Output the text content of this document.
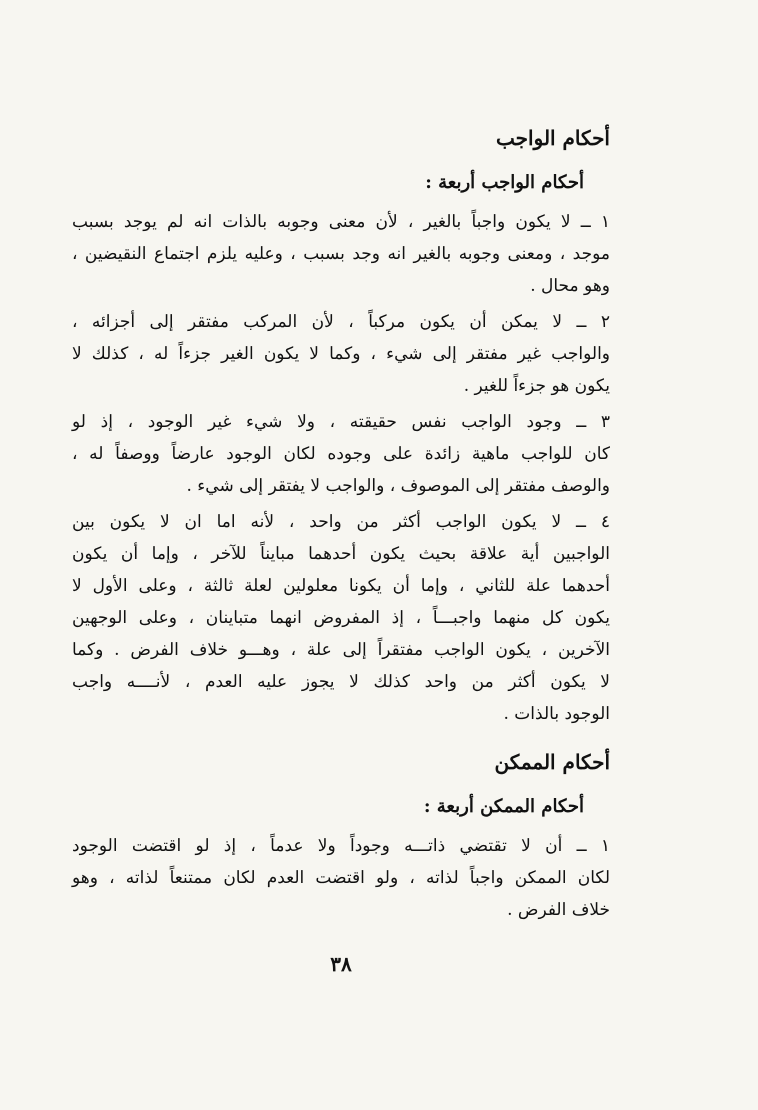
أحكام الواجب
أحكام الواجب أربعة :
١ ــ لا يكون واجباً بالغير ، لأن معنى وجوبه بالذات انه لم يوجد بسبب
موجد ، ومعنى وجوبه بالغير انه وجد بسبب ، وعليه يلزم اجتماع النقيضين ،
وهو محال .
٢ ــ لا يمكن أن يكون مركباً ، لأن المركب مفتقر إلى أجزائه ،
والواجب غير مفتقر إلى شيء ، وكما لا يكون الغير جزءاً له ، كذلك لا
يكون هو جزءاً للغير .
٣ ــ وجود الواجب نفس حقيقته ، ولا شيء غير الوجود ، إذ لو
كان للواجب ماهية زائدة على وجوده لكان الوجود عارضاً ووصفاً له ،
والوصف مفتقر إلى الموصوف ، والواجب لا يفتقر إلى شيء .
٤ ــ لا يكون الواجب أكثر من واحد ، لأنه اما ان لا يكون بين
الواجبين أية علاقة بحيث يكون أحدهما مبايناً للآخر ، وإما أن يكون
أحدهما علة للثاني ، وإما أن يكونا معلولين لعلة ثالثة ، وعلى الأول لا
يكون كل منهما واجبـــاً ، إذ المفروض انهما متباينان ، وعلى الوجهين
الآخرين ، يكون الواجب مفتقراً إلى علة ، وهـــو خلاف الفرض . وكما
لا يكون أكثر من واحد كذلك لا يجوز عليه العدم ، لأنــــه واجب
الوجود بالذات .
أحكام الممكن
أحكام الممكن أربعة :
١ ــ أن لا تقتضي ذاتـــه وجوداً ولا عدماً ، إذ لو اقتضت الوجود
لكان الممكن واجباً لذاته ، ولو اقتضت العدم لكان ممتنعاً لذاته ، وهو
خلاف الفرض .
٣٨
